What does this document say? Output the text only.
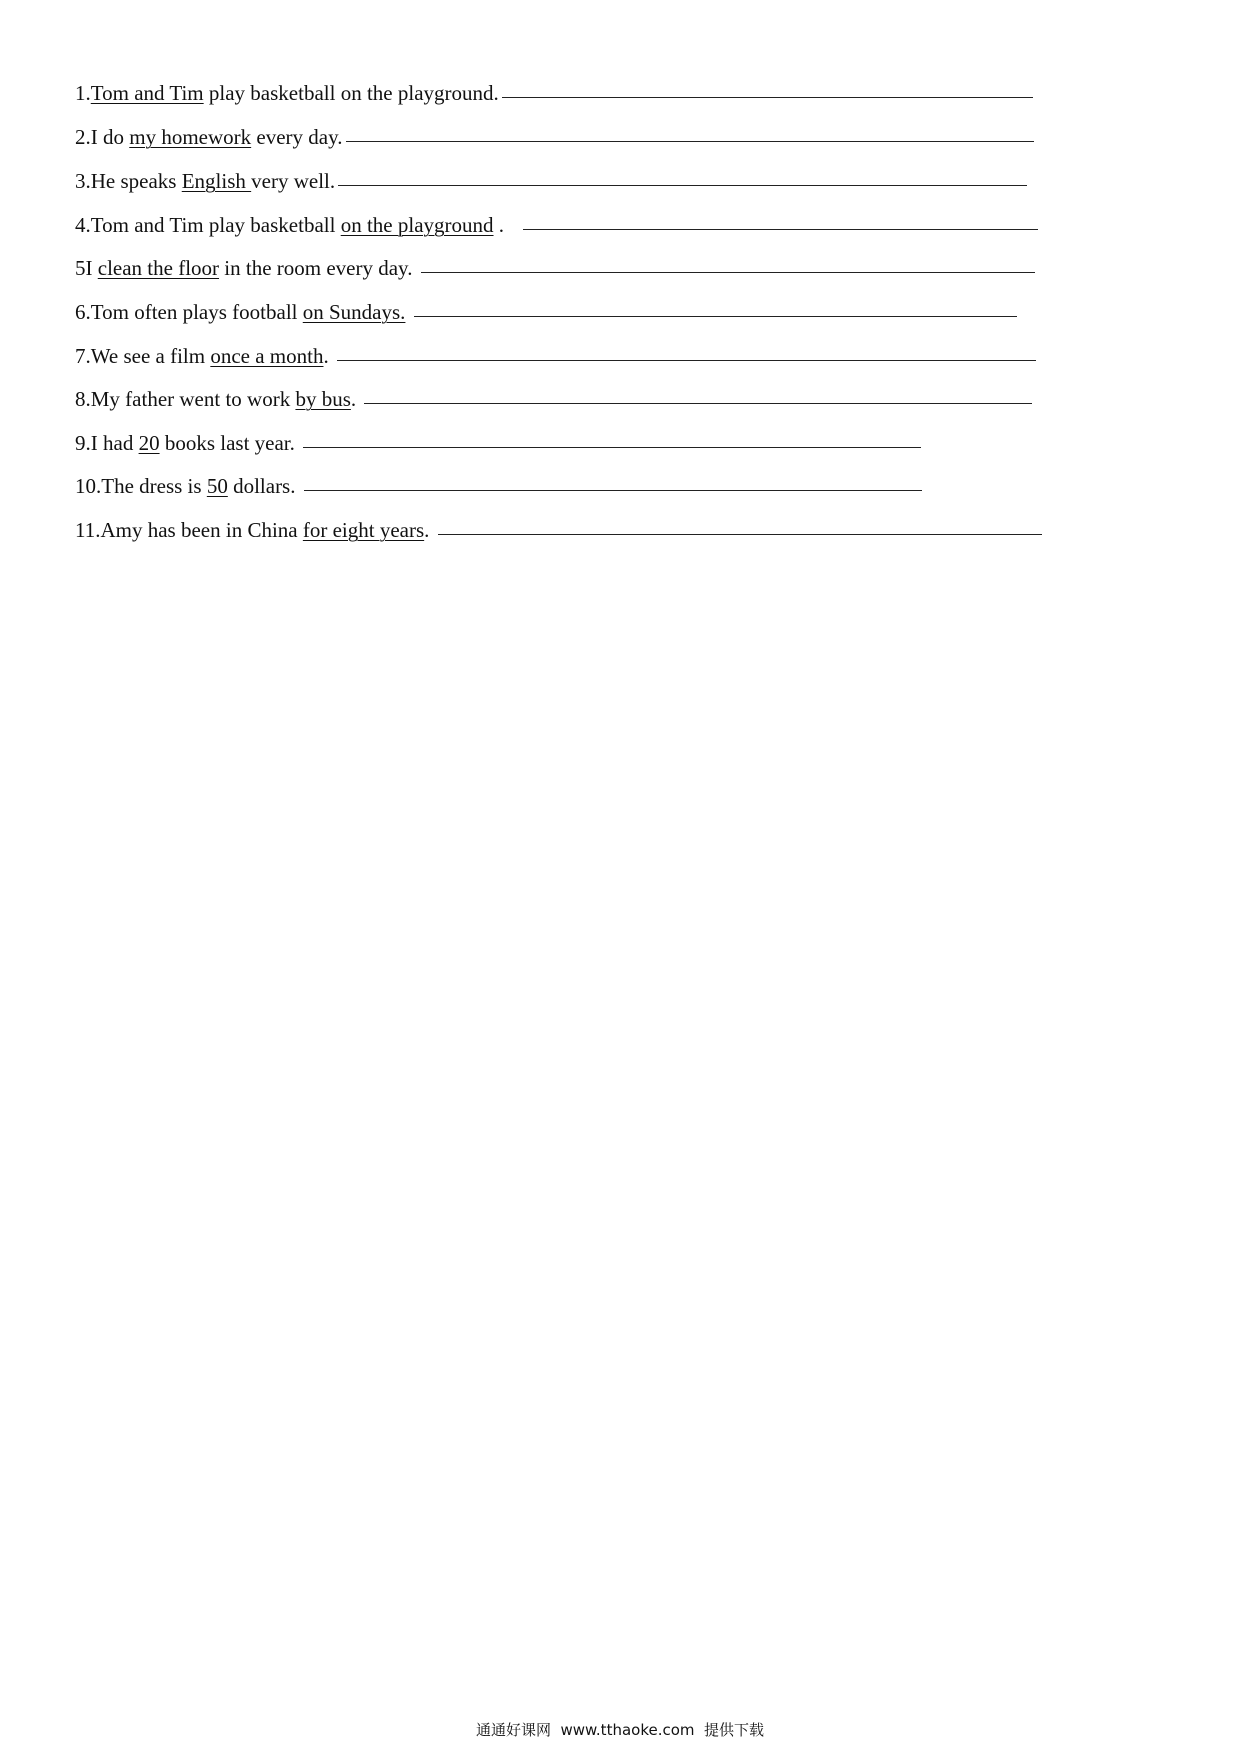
1. Tom and Tim play basketball on the playground.
2.I do my homework every day.
3.He speaks English very well.
4.Tom and Tim play basketball on the playground .
5I clean the floor in the room every day.
6.Tom often plays football on Sundays.

7.We see a film once a month .
8.My father went to work by bus .
9.I had 20 books last year.
10.The dress is 50 dollars.
11.Amy has been in China for eight years .
通通好课网  www.tthaoke.com  提供下载
